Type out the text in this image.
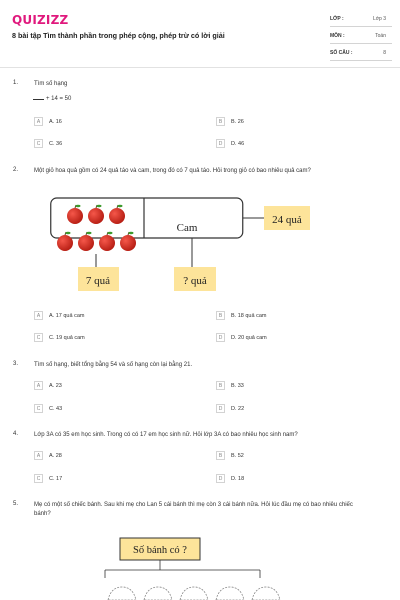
QUIZIZZ
8 bài tập Tìm thành phần trong phép cộng, phép trừ có lời giải
LỚP :	Lớp 3
MÔN :	Toán
SỐ CÂU :	8
1.	Tìm số hạng
+ 14 = 50
A	A. 16	B	B. 26
C	C. 36	D	D. 46
2.	Một giỏ hoa quả gồm có 24 quả táo và cam, trong đó có 7 quả táo. Hỏi trong giỏ có bao nhiêu quả cam?
Cam
24 quả
7 quả	? quả
A	A. 17 quả cam	B	B. 18 quả cam
C	C. 19 quả cam	D	D. 20 quả cam
3.	Tìm số hạng, biết tổng bằng 54 và số hạng còn lại bằng 21.
A	A. 23	B	B. 33
C	C. 43	D	D. 22
4.	Lớp 3A có 35 em học sinh. Trong có có 17 em học sinh nữ. Hỏi lớp 3A có bao nhiêu học sinh nam?
A	A. 28	B	B. 52
C	C. 17	D	D. 18
5.	Mẹ có một số chiếc bánh. Sau khi mẹ cho Lan 5 cái bánh thì mẹ còn 3 cái bánh nữa. Hỏi lúc đầu mẹ có bao nhiêu chiếc bánh?
Số bánh có ?
